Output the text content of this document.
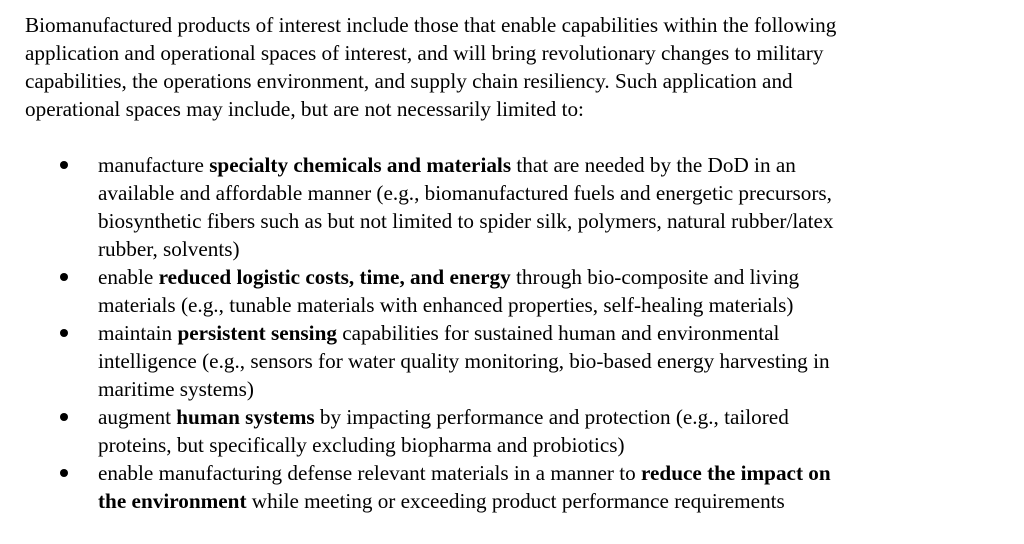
Biomanufactured products of interest include those that enable capabilities within the following
application and operational spaces of interest, and will bring revolutionary changes to military
capabilities, the operations environment, and supply chain resiliency. Such application and
operational spaces may include, but are not necessarily limited to:

manufacture specialty chemicals and materials that are needed by the DoD in an
available and affordable manner (e.g., biomanufactured fuels and energetic precursors,
biosynthetic fibers such as but not limited to spider silk, polymers, natural rubber/latex
rubber, solvents)
enable reduced logistic costs, time, and energy through bio-composite and living
materials (e.g., tunable materials with enhanced properties, self-healing materials)
maintain persistent sensing capabilities for sustained human and environmental
intelligence (e.g., sensors for water quality monitoring, bio-based energy harvesting in
maritime systems)
augment human systems by impacting performance and protection (e.g., tailored
proteins, but specifically excluding biopharma and probiotics)
enable manufacturing defense relevant materials in a manner to reduce the impact on
the environment while meeting or exceeding product performance requirements
